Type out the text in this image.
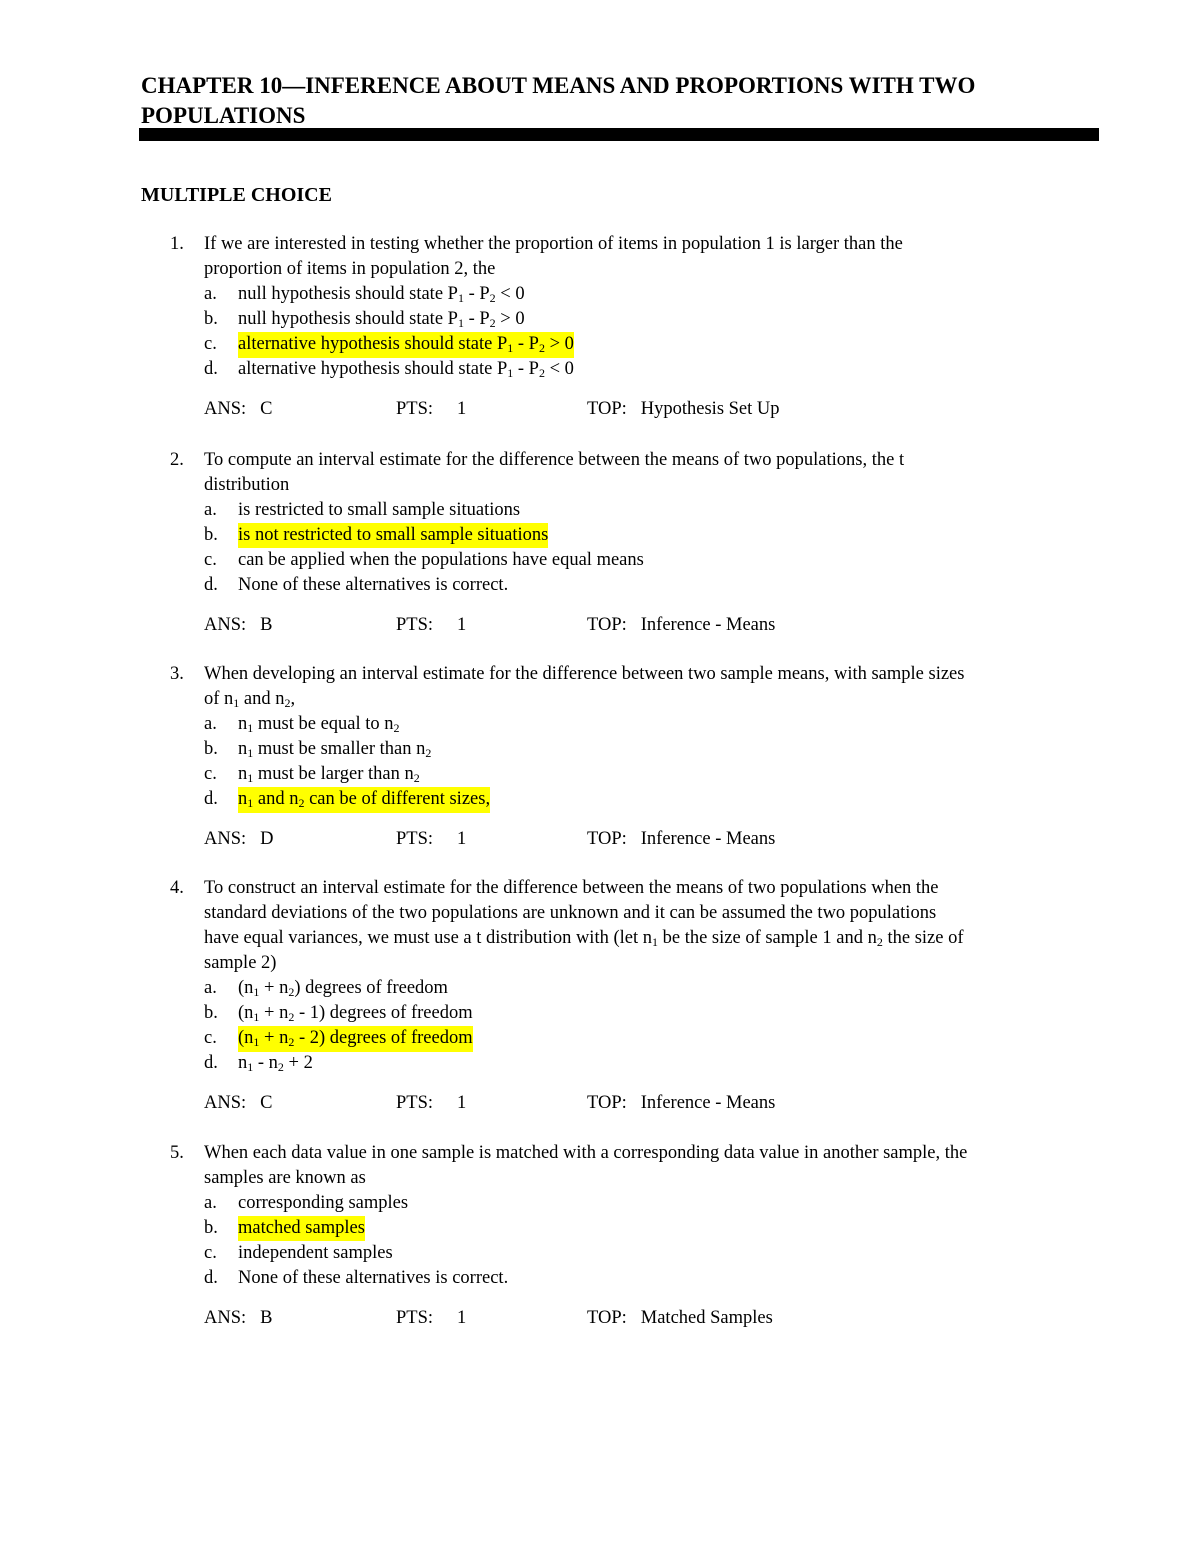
CHAPTER 10—INFERENCE ABOUT MEANS AND PROPORTIONS WITH TWO
POPULATIONS
MULTIPLE CHOICE
1. If we are interested in testing whether the proportion of items in population 1 is larger than the
proportion of items in population 2, the
a. null hypothesis should state P1 - P2 < 0
b. null hypothesis should state P1 - P2 > 0
c. alternative hypothesis should state P1 - P2 > 0
d. alternative hypothesis should state P1 - P2 < 0
ANS: C	PTS: 1	TOP: Hypothesis Set Up
2. To compute an interval estimate for the difference between the means of two populations, the t
distribution
a. is restricted to small sample situations
b. is not restricted to small sample situations
c. can be applied when the populations have equal means
d. None of these alternatives is correct.
ANS: B	PTS: 1	TOP: Inference - Means
3. When developing an interval estimate for the difference between two sample means, with sample sizes
of n1 and n2,
a. n1 must be equal to n2
b. n1 must be smaller than n2
c. n1 must be larger than n2
d. n1 and n2 can be of different sizes,
ANS: D	PTS: 1	TOP: Inference - Means
4. To construct an interval estimate for the difference between the means of two populations when the
standard deviations of the two populations are unknown and it can be assumed the two populations
have equal variances, we must use a t distribution with (let n1 be the size of sample 1 and n2 the size of
sample 2)
a. (n1 + n2) degrees of freedom
b. (n1 + n2 - 1) degrees of freedom
c. (n1 + n2 - 2) degrees of freedom
d. n1 - n2 + 2
ANS: C	PTS: 1	TOP: Inference - Means
5. When each data value in one sample is matched with a corresponding data value in another sample, the
samples are known as
a. corresponding samples
b. matched samples
c. independent samples
d. None of these alternatives is correct.
ANS: B	PTS: 1	TOP: Matched Samples
